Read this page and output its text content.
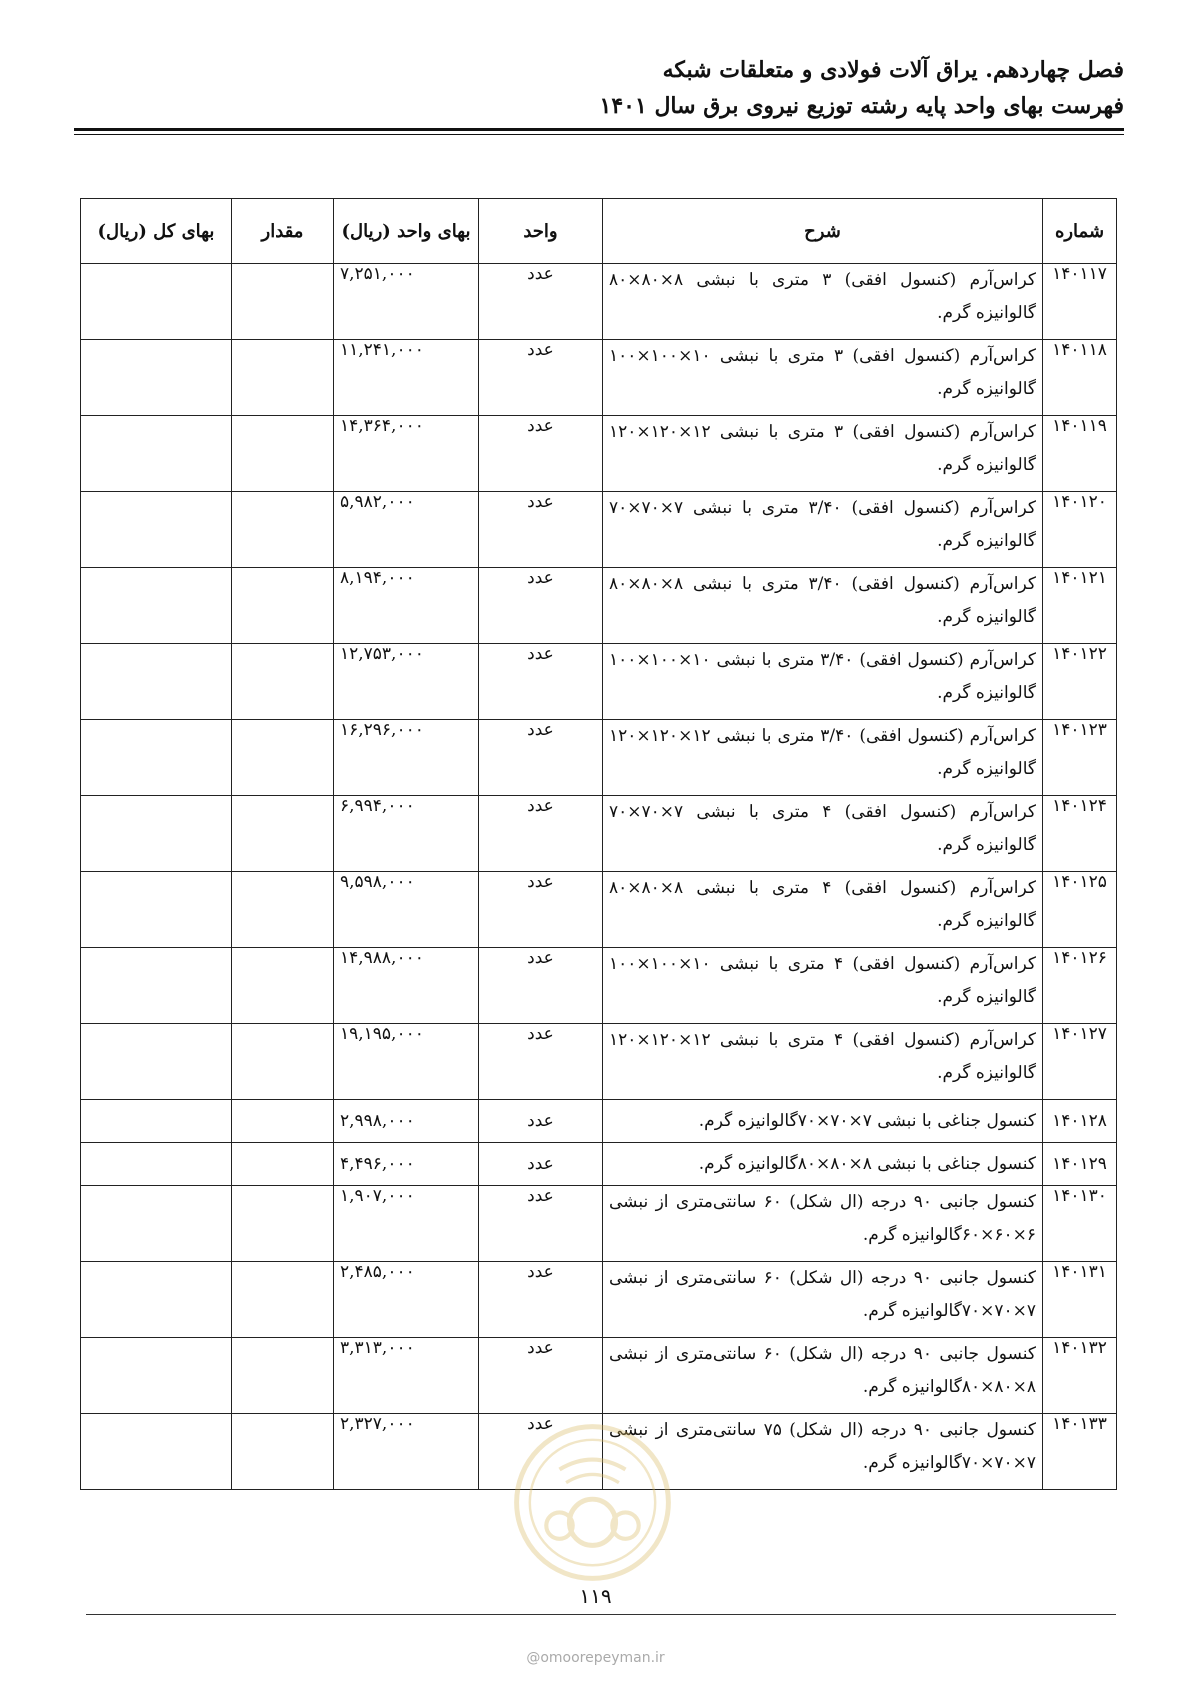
فصل چهاردهم. یراق آلات فولادی و متعلقات شبکه

فهرست بهای واحد پایه رشته توزیع نیروی برق سال ۱۴۰۱

شماره	شرح	واحد	بهای واحد (ریال)	مقدار	بهای کل (ریال)
۱۴۰۱۱۷	کراس‌آرم (کنسول افقی) ۳ متری با نبشی ۸×۸۰×۸۰ گالوانیزه گرم.	عدد	۷,۲۵۱,۰۰۰		
۱۴۰۱۱۸	کراس‌آرم (کنسول افقی) ۳ متری با نبشی ۱۰×۱۰۰×۱۰۰ گالوانیزه گرم.	عدد	۱۱,۲۴۱,۰۰۰		
۱۴۰۱۱۹	کراس‌آرم (کنسول افقی) ۳ متری با نبشی ۱۲×۱۲۰×۱۲۰ گالوانیزه گرم.	عدد	۱۴,۳۶۴,۰۰۰		
۱۴۰۱۲۰	کراس‌آرم (کنسول افقی) ۳/۴۰ متری با نبشی ۷×۷۰×۷۰ گالوانیزه گرم.	عدد	۵,۹۸۲,۰۰۰		
۱۴۰۱۲۱	کراس‌آرم (کنسول افقی) ۳/۴۰ متری با نبشی ۸×۸۰×۸۰ گالوانیزه گرم.	عدد	۸,۱۹۴,۰۰۰		
۱۴۰۱۲۲	کراس‌آرم (کنسول افقی) ۳/۴۰ متری با نبشی ۱۰×۱۰۰×۱۰۰ گالوانیزه گرم.	عدد	۱۲,۷۵۳,۰۰۰		
۱۴۰۱۲۳	کراس‌آرم (کنسول افقی) ۳/۴۰ متری با نبشی ۱۲×۱۲۰×۱۲۰ گالوانیزه گرم.	عدد	۱۶,۲۹۶,۰۰۰		
۱۴۰۱۲۴	کراس‌آرم (کنسول افقی) ۴ متری با نبشی ۷×۷۰×۷۰ گالوانیزه گرم.	عدد	۶,۹۹۴,۰۰۰		
۱۴۰۱۲۵	کراس‌آرم (کنسول افقی) ۴ متری با نبشی ۸×۸۰×۸۰ گالوانیزه گرم.	عدد	۹,۵۹۸,۰۰۰		
۱۴۰۱۲۶	کراس‌آرم (کنسول افقی) ۴ متری با نبشی ۱۰×۱۰۰×۱۰۰ گالوانیزه گرم.	عدد	۱۴,۹۸۸,۰۰۰		
۱۴۰۱۲۷	کراس‌آرم (کنسول افقی) ۴ متری با نبشی ۱۲×۱۲۰×۱۲۰ گالوانیزه گرم.	عدد	۱۹,۱۹۵,۰۰۰		
۱۴۰۱۲۸	کنسول جناغی با نبشی ۷×۷۰×۷۰گالوانیزه گرم.	عدد	۲,۹۹۸,۰۰۰		
۱۴۰۱۲۹	کنسول جناغی با نبشی ۸×۸۰×۸۰گالوانیزه گرم.	عدد	۴,۴۹۶,۰۰۰		
۱۴۰۱۳۰	کنسول جانبی ۹۰ درجه (ال شکل) ۶۰ سانتی‌متری از نبشی ۶×۶۰×۶۰گالوانیزه گرم.	عدد	۱,۹۰۷,۰۰۰		
۱۴۰۱۳۱	کنسول جانبی ۹۰ درجه (ال شکل) ۶۰ سانتی‌متری از نبشی ۷×۷۰×۷۰گالوانیزه گرم.	عدد	۲,۴۸۵,۰۰۰		
۱۴۰۱۳۲	کنسول جانبی ۹۰ درجه (ال شکل) ۶۰ سانتی‌متری از نبشی ۸×۸۰×۸۰گالوانیزه گرم.	عدد	۳,۳۱۳,۰۰۰		
۱۴۰۱۳۳	کنسول جانبی ۹۰ درجه (ال شکل) ۷۵ سانتی‌متری از نبشی ۷×۷۰×۷۰گالوانیزه گرم.	عدد	۲,۳۲۷,۰۰۰		
۱۱۹
@omoorepeyman.ir
